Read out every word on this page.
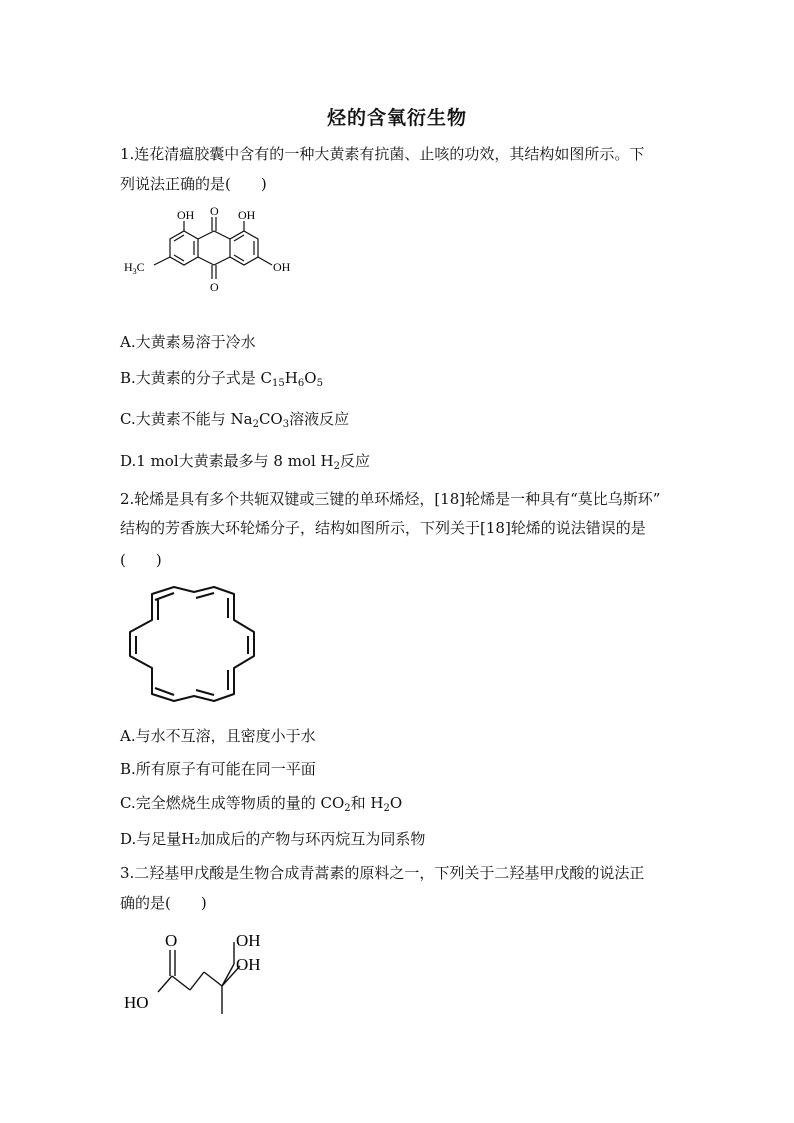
烃的含氧衍生物
1.连花清瘟胶囊中含有的一种大黄素有抗菌、止咳的功效，其结构如图所示。下
列说法正确的是(　　)
OH O OH
OH
O
$H_3C$
A.大黄素易溶于冷水
B.大黄素的分子式是 $C_{15}H_6O_5$
C.大黄素不能与 $Na_2CO_3$溶液反应
D.1 mol大黄素最多与 8 mol $H_2$反应
2.轮烯是具有多个共轭双键或三键的单环烯烃，[18]轮烯是一种具有“莫比乌斯环”
结构的芳香族大环轮烯分子，结构如图所示，下列关于[18]轮烯的说法错误的是
(　　)
A.与水不互溶，且密度小于水
B.所有原子有可能在同一平面
C.完全燃烧生成等物质的量的 $CO_2$和 $H_2O$
D.与足量H₂加成后的产物与环丙烷互为同系物
3.二羟基甲戊酸是生物合成青蒿素的原料之一，下列关于二羟基甲戊酸的说法正
确的是(　　)
O
HO
OH
OH
